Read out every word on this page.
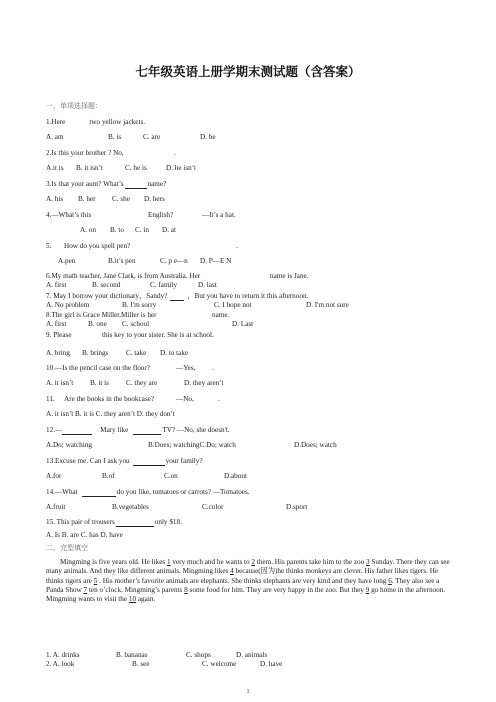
七年级英语上册学期末测试题（含答案）
一、单项选择题：
1.Here	two yellow jackets.
A. am	B. is	C. are	D. be
2.Is this your brother ? No,	.
A.it is B. it isn’t	C. he is	D. he isn’t
3.Is that your aunt? What’s	name?
A. his B. her C. she D. hers
4.—What’s this	English?	—It’s a hat.
A. on B. to C. in D. at
5. How do you spell pen?	.
A.pen	B.it’s pen	C. p e—n D. P—E N
6.My math teacher, Jane Clark, is from Australia. Her	name is Jane.
A. first	B. second	C. family	D. last
7. May I borrow your dictionary，Sandy?	，But you have to return it this afternoon.
A. No problem	B. I'm sorry	C. I hope not	D. I'm not sure
8.The girl is Grace Miller.Miller is her	name.
A. first	B. one C. school	D. Last
9. Please	this key to your sister. She is at school.
A. bring B. brings C. take D. to take
10.—Is the pencil case on the floor?	—Yes, .
A. it isn’t B. it is C. they are	D. they aren’t
11. Are the books in the bookcase?	—No,	.
A. it isn’t B. it is C. they aren’t D. they don’t
12.—	Mary like	TV? —No, she doesn't.
A.Do; watching	B.Does; watchingC.Do; watch	D.Does; watch
13.Excuse me. Can I ask you	your family?
A.for	B.of	C.on	D.about
14.—What	do you like, tomatoes or carrots? —Tomatoes.
A.fruit	B.vegetables	C.color	D.sport
15. This pair of trousers	only $18.
A. Is B. are C. has D. have
二、完型填空
Mingming is five years old. He likes 1 very much and he wants to 2 them. His parents take him to the zoo 3 Sunday. There they can see many animals. And they like different animals. Mingming likes 4 because(因为)he thinks monkeys are clever. His father likes tigers. He thinks tigers are 5 . His mother’s favorite animals are elephants. She thinks elephants are very kind and they have long 6. They also see a Panda Show 7 ten o’clock. Mingming’s parents 8 some food for him. They are very happy in the zoo. But they 9 go home in the afternoon. Mingming wants to visit the 10 again.
1. A. drinks	B. bananas	C. shops	D. animals
2. A. look	B. see	C. welcome	D. have
1
